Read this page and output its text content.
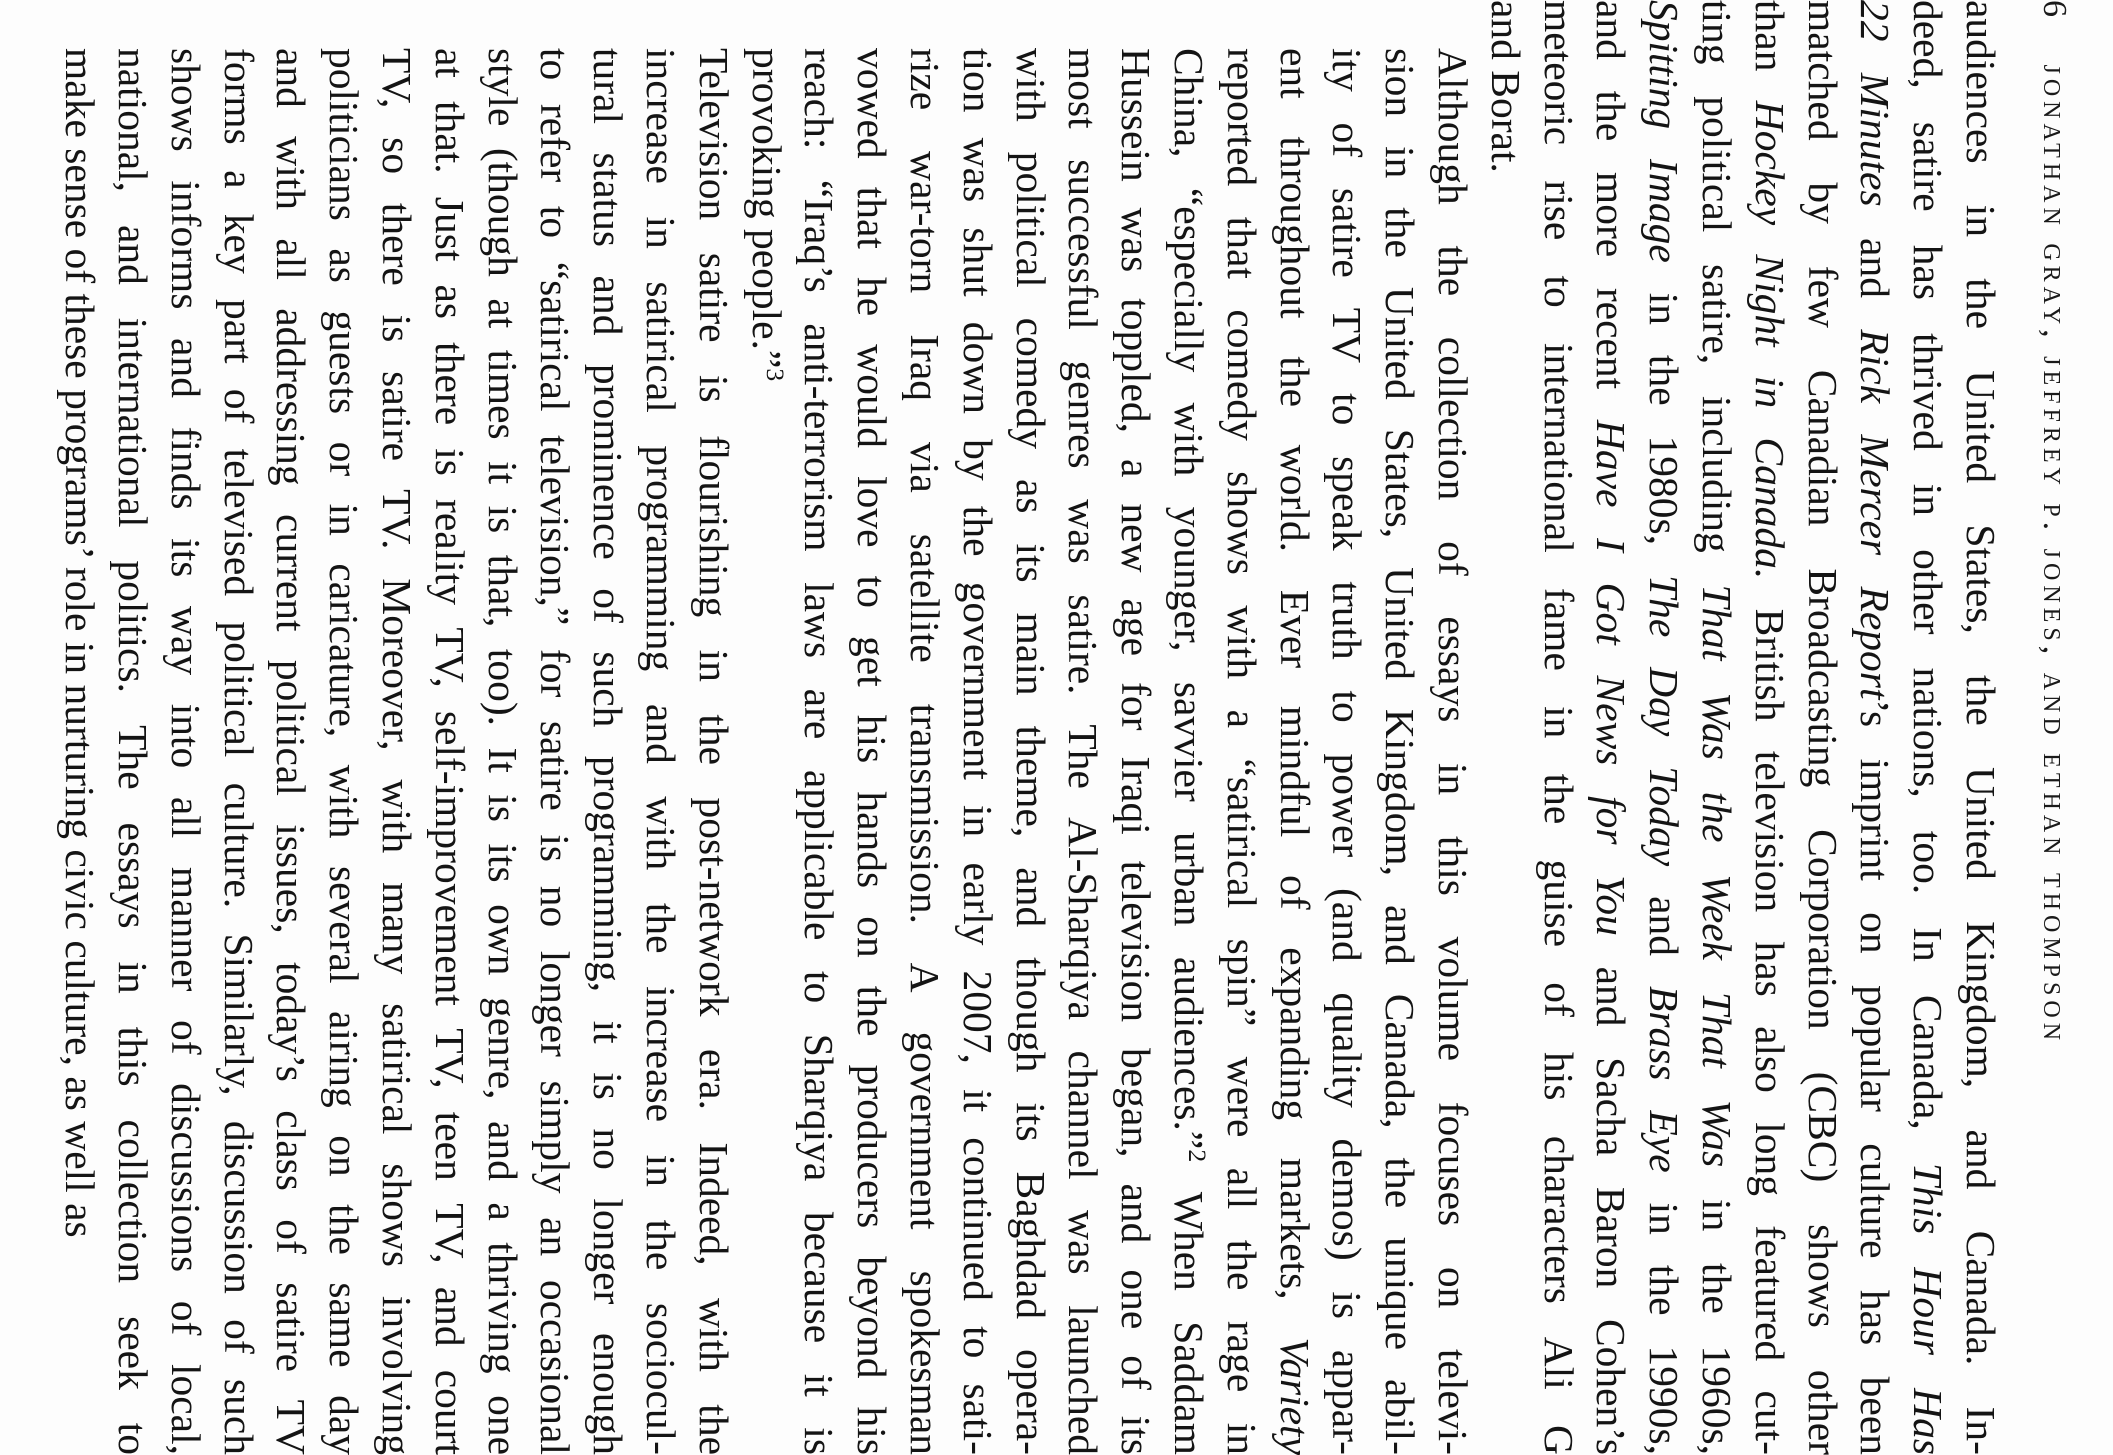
6 jonathan gray, jeffrey p. jones, and ethan thompson

audiences in the United States, the United Kingdom, and Canada. In-
deed, satire has thrived in other nations, too. In Canada, This Hour Has
22 Minutes and Rick Mercer Report’s imprint on popular culture has been
matched by few Canadian Broadcasting Corporation (CBC) shows other
than Hockey Night in Canada. British television has also long featured cut-
ting political satire, including That Was the Week That Was in the 1960s,
Spitting Image in the 1980s, The Day Today and Brass Eye in the 1990s,
and the more recent Have I Got News for You and Sacha Baron Cohen’s
meteoric rise to international fame in the guise of his characters Ali G
and Borat.

Although the collection of essays in this volume focuses on televi-
sion in the United States, United Kingdom, and Canada, the unique abil-
ity of satire TV to speak truth to power (and quality demos) is appar-
ent throughout the world. Ever mindful of expanding markets, Variety
reported that comedy shows with a “satirical spin” were all the rage in
China, “especially with younger, savvier urban audiences.”$^2$ When Saddam
Hussein was toppled, a new age for Iraqi television began, and one of its
most successful genres was satire. The Al-Sharqiya channel was launched
with political comedy as its main theme, and though its Baghdad opera-
tion was shut down by the government in early 2007, it continued to sati-
rize war-torn Iraq via satellite transmission. A government spokesman
vowed that he would love to get his hands on the producers beyond his
reach: “Iraq’s anti-terrorism laws are applicable to Sharqiya because it is
provoking people.”$^3$

Television satire is flourishing in the post-network era. Indeed, with the
increase in satirical programming and with the increase in the sociocul-
tural status and prominence of such programming, it is no longer enough
to refer to “satirical television,” for satire is no longer simply an occasional
style (though at times it is that, too). It is its own genre, and a thriving one
at that. Just as there is reality TV, self-improvement TV, teen TV, and court
TV, so there is satire TV. Moreover, with many satirical shows involving
politicians as guests or in caricature, with several airing on the same day
and with all addressing current political issues, today’s class of satire TV
forms a key part of televised political culture. Similarly, discussion of such
shows informs and finds its way into all manner of discussions of local,
national, and international politics. The essays in this collection seek to
make sense of these programs’ role in nurturing civic culture, as well as
